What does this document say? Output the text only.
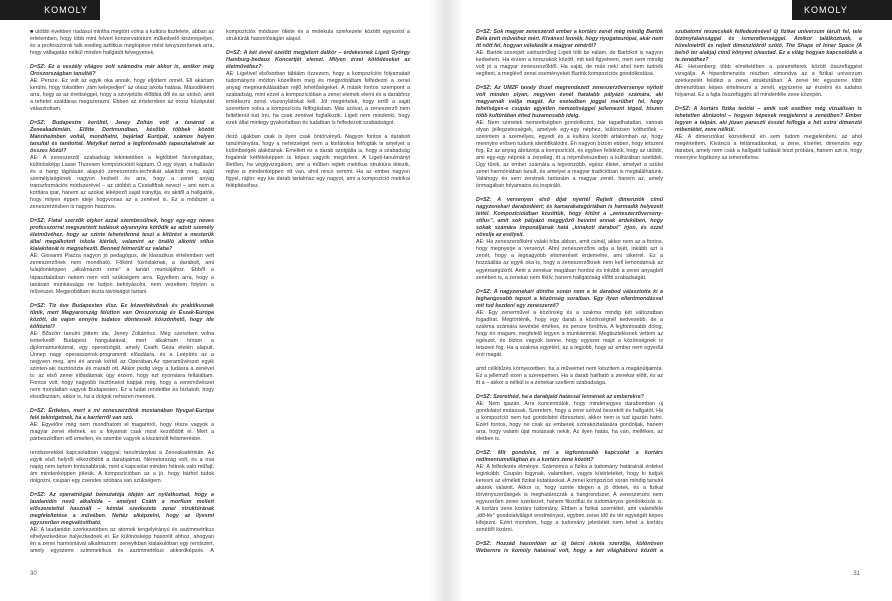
KOMOLY

■ utóbbi években riadásul mintha megtört volna a kultúra tisztelete, abban az értelemben, hogy több mint felvert konzervatórium műkedvelő kiszerepeljen, és a professzorok talk esetleg aztlitkus meglopéve mést kényszerítenek arra, hogy vállagatás nélkül minden hallgatót felvegyenek.

D=SZ: Ez a veszély világos volt számodra már akkor is, amikor még Oroszországban tanultál?

AE: Persze. Ez volt az egyik oka annak, hogy eljöttem onnét. Ell akartam kerülni, hogy tüksötten „rám kelepedjen” az olasz iskola hatása. Másodikként arra, hogy az az érettséggel, hogy a szovjetúlis élőbbiá dől és az utolsó, amit a tehetet szaldáras megszerezni. Ebben az értelemben az orosz középutat választottam.

D=SZ: Budapestre kerültél, Jeney Zoltán volt a tanárod a Zeneakadémián. Előtte Dortmundban, később többek között Mannheimben voltál, mondhatni, bejártad Európát, számos helyen tanultál és tanítottál. Melyiket tartod a legfontosabb tapasztalatnak az összes közül?

AE: A zeneszerzői szabadság tekintetében a legtöbbet Norvégiában, különösképp Lasse Thoresen kompozíciótól kaptam. Ő egy olyan, a hallásán és a hang tágításán alapuló zeneszerzés-technikát alakított meg, saját személyiségének nagyon kedvelt és arra, hogy a zenei anyag transzformációs módszerével – az utóbbit a Cestaltfrak nevezi – ami nem a korttára ipar, hanem az azokat leképező saját irányítja, és akitől a hallgatók, hogy milyen éppen ideje hogyvonas az a zenével is. Ez a módszer a zeneszerzésben is nagyon hasznos.

D=SZ: Fiatal szerzők olykor azzal szembesülnek, hogy egy-egy neves professzorral megszerzett tudásuk olyannyira kötődik az adott személy életművéhez, hogy az szinte lehetetlenné teszi a kitörést a mesterük által megalkotott iskola kiérleli, valamint az önálló alkotói stílus kialakítását is megnehezíti. Benned felmerült ez valaha?

AE: Giovanni Piazza nagyon jó pedagógus, de klasszikus értelemben vett zeneszerzőnek nem mondható. Főként fúvóslaknak, a darabolt, ami tulajdonképpen „alkalmazott zene” a tanári munkájához. Ebből a tapasztalatban nekem nem volt szükségem arra. Egyeltem arra, hogy a tanárain munkássága ne tudjon befolyásolni, nem vezettem folyton a művészet. Megprobáltam tiszta távolságot tartani.

D=SZ: Tíz éve Budapesten élsz. Ez kézenfekvőnek és praktikusnak tűnik, mert Magyarország félútton van Oroszország és Észak-Európa között, de vajon ennyire tudatos döntésnek köszönhető, hogy ide költöztél?

AE: Bőszörr tanulni jöttem ide, Jeney Zoltánhoz. Még szerettem volna ismerkedő Budapest hangulatával, mert alkalmam hírtam a diplomamunkámat, egy operatriógát, amely Csath Géza életén alapult. Ünnep nagy operasszerek-programmit előadásra, és a Leépítés az a negyven meg, ami éri annak kértél az Operában.Az operaművészet egyik szinten-aki ösztönözte és maradt ott. Akkor pedig vegy a tudásra a zenével is: az első zenei előadásnak úgy érzem, hogy ezt nyomásra feltaláltam. Fontos volt, hogy nagyobb ösztönzést kapjak még, hogy a zeneművészet nem mondatlan vagyok Budapesten. Ez a tudat rendeltbe és biztatott, hogy elsodlozzam, akkor is, ha a dolgok nehezen mennek.

D=SZ: Érdekes, mert a mi zeneszerzőink mostanában Nyugat-Európa felé tekintgetnek, ha a karrierről van szó.

AE: Egyelőre még nem mondhatom el magamról, hogy része vagyok a magyar zenei életnek, es a folyamat csak most kezdődött el. Mert a párbeszédben elő emelten, és szembe vagyok a kiszámolt felismerésbe.

rendszerekkel kapcsolatban vággyal; tanulmánykat a Zeneakadémián. Az egyik első helyről elkezdődött a darabjaimat. Németország volt, és a mai napig nem tartom fontosabbnak, mint a kapcsolat minden hétnek való műfajt, ám mindenképpen jólesik. A kompozícióban az a jó, hogy bárhol tudok dolgozni, csupán egy csendes szobára van szükségem.

D=SZ: Az operatriógád bemutatója idején azt nyilatkoztad, hogy a laudanidin nevű alkaloida – amelyet Csáth a morfium mellett előszeretettel használt – kémiai szerkezete zenei struktúrának megfeleltetése a művében. Nehéz elképzelni, hogy az ilyesmi egyszerűen megvalósítható.

AE: A laudanidin szerkezetében az atomok tengelyirányú és aszimmetrikus elhelyezkedése halyezkednek el. Ez különösképp hasonlít ahhoz, ahogyan én a zenei harmóniával alkalmazom: zeneyikban kialakulóban egy rendszert, amely egyszerre szimmetrikus és aszimmetrikus akkordképzés. A kompozíciós módszer ötlete és a molekula szerkezete közötti egyezést a struktúrák hasonlóságán alapul.

D=SZ: A két évvel ezelőtt megjelent dalkör – érdekesnek Ligeti György Hamburg-bedaux Koncertjét elemzi. Milyen érzel kötődéseket az életművéhez?

AE: Ligetivel elsősorban tábláim özzezem, hogy a kompozíciós folyamatait tudományos módon közelítem meg és megpróbáltam felfedezni a zenei anyag megmunkálásában rejlő lehetőségeket. A másik fontos szempont a szabadság, mint ezzel a kompozícióban a zenei elemek elemi és a darabhoz emlékezni zenei viszonylatokat kell. Jól megértelek, hogy erről a saját szerettem volna a kompozíciós felfogásban. Más szóval, a zeneszerző nem feltétlenül tud írni, ha csak zenével foglalkozik. Ligeti nem mindenki, hogy ezek által mintegy gyakorlatban és tudatban is felfedezett szabadságot.

dezó ujjakban csak is ilyen csak öntörvényű. Nagyon fontos a darabolt tanulmányára, hogy a nehézséget nem a korlátokra felfogták is amelyet a különbségek alakítanak. Emellett ez a darab szolgálta is, hogy a szabadság fogalmát kétféleképpen is képes vagyok megérteni. A Ligeti-tanulmányt illetően, ha végigvizsgálom, ami a műben rejtett metrikus struktúra létezik, rejtve is mindenképpen ott van, ahol nincs semmi. Ha az ember nagyon figyel, rájön: egy kis darab tartalmaz egy nagyot, ami a kompozíció metrikai felépítéséhez.

30
KOMOLY

D=SZ: Sok magyar zeneszerző ember a kortárs zenét még mindig Bartók Béla érett műveihez méri. Kívánesi lennék, hogy nyugateurópai, akár nem itt nőtt fel, hogyan vélekedik a magyar zenéről?

AE: Bartók szerepét valószínűleg Ligeti tölti be nálam, de Bartókot is nagyon kedvelem. Ha érzem a korszakok között, mit kell figyelnem, mert nem mindig volt jó a magyar zeneszerzőktől. Ha saját, de más neki ahol nem tudnék segíteni, a meglévő zenei eseményeket Bartók kompozíciós gondolkodása.

D=SZ: Az UMZF tavaly őszel megrendezett zeneszerzőversenye nyitott volt minden olyan, negyven évnél fiatalabb pályázó számára, aki magyarnak vallja magát. Az esetedben joggal merülhet fel, hogy lehetséges-e csupán egyetlen nemzetiséggel jellemezni téged, hiszen több kultúrában élted huzamosabb ideig.

AE: Nem szeretek nemzetiségben gondolkozni, bár tagadhatatlan, vannak olyan jellegzetességek, amelyek egy-egy néphez, különösen köthetőek – szerintem a személyes, egyedi és a kultúra közötti ártalomban az, hogy mennyire erősen tudunk identifikálódni. Én nagyon bízom ebben, hogy tetszeni fog. Ez az anyag ábrázolja a kompozíciót, és egyben felidézik, hogy az utóbbi, ami egy-egy népnek a zeneileg, itt a népművészetben a kultúrában szelídeli. Úgy tűnik, az ember számára a legvonzóbb, egész életet, amelyet a szülei zenei harmóniában tanult, és amelyet a magyar tradícióban is megtalálhatunk. Valahogy én sem zenének tartanám a magyar zenét, hanem az, amely önmagában folyamatos és inspiráló.

D=SZ: A versenyen első díjat nyertél Rejtett dimenziók című nagyzenekari darabodéért; és kamarakategóriában is harmadik helyezett lettél. Kompozícióidban közöttük, hogy kitűnt a „zeneszerzőverseny-stílus”, amit sok pályázó meggyőző bevetni annak érdekében, hogy sokak számára imponáljanak hatá „kinakoti darabot” írjon, és ezzel növelje az esélyeit.

AE: Ha zeneszerzőként valaki hiba abban, amit csinál, akkor nem az a fontos, hogy megnyerje a versenyt. Ahol zeneszerzőire adja a fejét, inkább azt a zenét, hogy a legnagyobb elismerését érdemelne, ami sikerrel. Ez a hozzáállás az egyik oka is, hogy a zeneszerzőknek nem kell lemondaniuk az egyéniségükről. Amit a zenekar magában hordoz és inkább a zenei anyagból zenében is, a zenekar nem fiktív, hanem hallgatóság előtti szabadságát.

D=SZ: A nagyzenekari dönthe során nem a te darabod választotta ki a leghangosabb tapsot a közönség soraiban. Egy ilyen ellentmondással mit tud kezdeni egy zeneszerző?

AE: Egy zenerművel a közönség és a szakma mindig két változatban fogadhat. Megtörténik, hogy egy darab a közönségnél kedvesebb, de a szakma számára kevésbé értékes, és persze fordítva. A legfontosabb dolog, hogy én magam, megfelelő legyen a munkámmal. Megtisztelésnek vettem az egészet, és biztos vagyok benne, hogy egyszer majd a közönségnek is tetszeni fog. Ha a szakma egyetért, az a legjobb, hogy az ember nem egyedül érzi magát.

amit célkitűzés környezetben, ha a műveimet nem készítem a magánútjaimra. Ez a jellemző ezen a szerepemen. Ha a darab hallható a zenekar előtt, és az itt a – akkor a nélkül is a zenekar szellemi szabadsága.

D=SZ: Szerethéd, ha a darabjaid hatással lennének az emberekre?

AE: Nem igazán. Arra koncentrálok, hogy mindenegyes darabomban új gondolatot mutassak. Szeretem, hogy a zene szóval összeköt és hallgatót. Ha a kompozíció nem tud gondolatot ébreszteni, akkor nem is tud igazán hatni. Ezért fontos, hogy ne csak az emberek szórakoztatására gondoljak, hanem arra, hogy valami újat mutassak nekik. Az ilyen hatás, ha van, mellékes, az életben is.

D=SZ: Mit gondolsz, mi a legfontosabb kapcsolat a kortárs redimentumvilágban és a kortárs zene között?

AE: A felfedezés élménye. Számomra a fizika a tudomány határainál érdekel leginkább. Csupán fogynak, valamiben, vagyis kísérleteket, hogy ki tudjuk keresni az elméleti fizikai kutatásokat. A zenei kompozíció során mindig tanulni akarok valamit. Akkor is, hogy szinte idegen a jó ötletek, és a fizikai törvényszerűségek is meghatározzák a hangrendszer. A zeneszerzés nem egyszerűen zenei szerkezet, hanem filozófiai és tudományos gondolkozás is. A kortárs zene kortárs tudomány. Ebben a fizikai szemlélet, ami valamiféle „idő-tér” gondolatvilágot eredményez, egyben zenei idő és tér egységét képes kifejezni. Ezért mondom, hogy a tudomány jelenlétét nem lehet a kortárs zenéből kizárni.

D=SZ: Hozzád hasonlóan az új bécsi iskola szerzője, különösen Webernre is komoly hatással volt, hogy a két világháború között a szubatomi részecskék felfedezésével új fizikai univerzum tárult fel, tele bizonytalansággal és ismeretlenséggel. Amikor találkoztunk, a hüvelmetről és rejtett dimenziókról szóló, The Shape of Inner Space (A belső tér alakja) című könyvet olvastad. Ez a világ hogyan kapcsolódik a te zenédhez?

AE: Heisenberg több elméletében a paraméterek között összefüggést vizsgálja. A hiperdimenziós részben elmondva az a fizikai univerzum szerkezetét felidézi a zenei struktúrában. A zenei tér egyszerre több dimenzióban képes értelmezni a zenét, egyszerre az érzelmi és tudatos folyamat. Ez a fajta összefüggés áll mindenféle zene közepén.

D=SZ: A kortárs fizika teóriái – amik sok esetben még vizuálisan is lehetetlen ábrázolni – hogyan képesek megjelenni a zenédben? Ember legyen a talpán, aki józan paraszti ésszel felfogja a hét extra dimenzió mibenlétét, zene nélkül.

AE: A dimenziókat közvetlenül én sem tudom megjeleníteni, az ahol megértettem. Kíváncsi a feltámadásokat, a zene, kísérlet, dimenziós egy darabot, amely nem csak a hallgatói tudását teszi próbára, hanem azt is, hogy mennyire fogékony az ismeretlenre.

31
